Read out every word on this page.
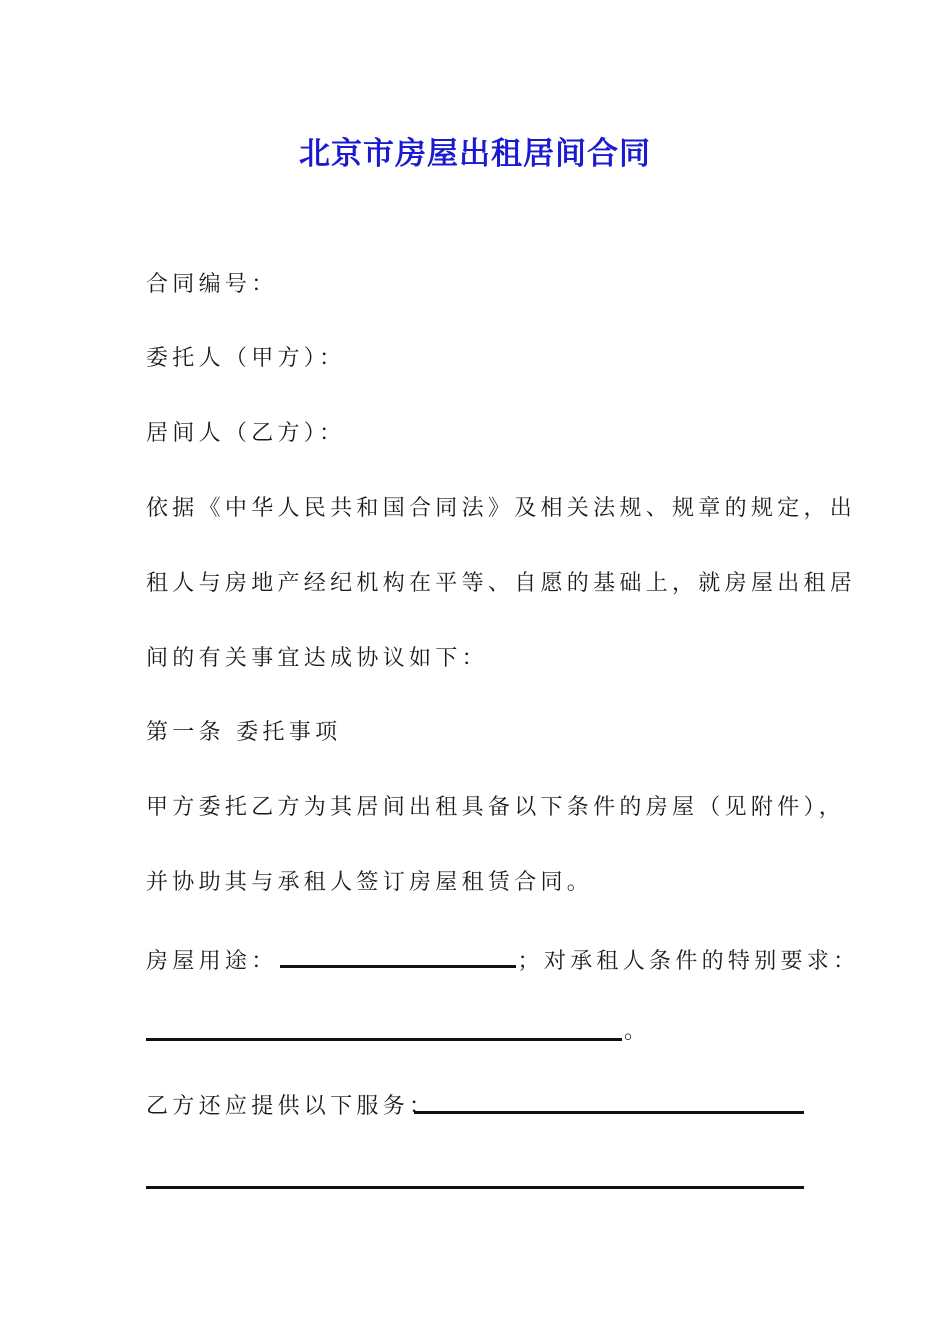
北京市房屋出租居间合同

合同编号：

委托人（甲方）：

居间人（乙方）：

依据《中华人民共和国合同法》及相关法规、规章的规定，出

租人与房地产经纪机构在平等、自愿的基础上，就房屋出租居

间的有关事宜达成协议如下：

第一条 委托事项

甲方委托乙方为其居间出租具备以下条件的房屋（见附件），

并协助其与承租人签订房屋租赁合同。

房屋用途：	；对承租人条件的特别要求：

。

乙方还应提供以下服务：
